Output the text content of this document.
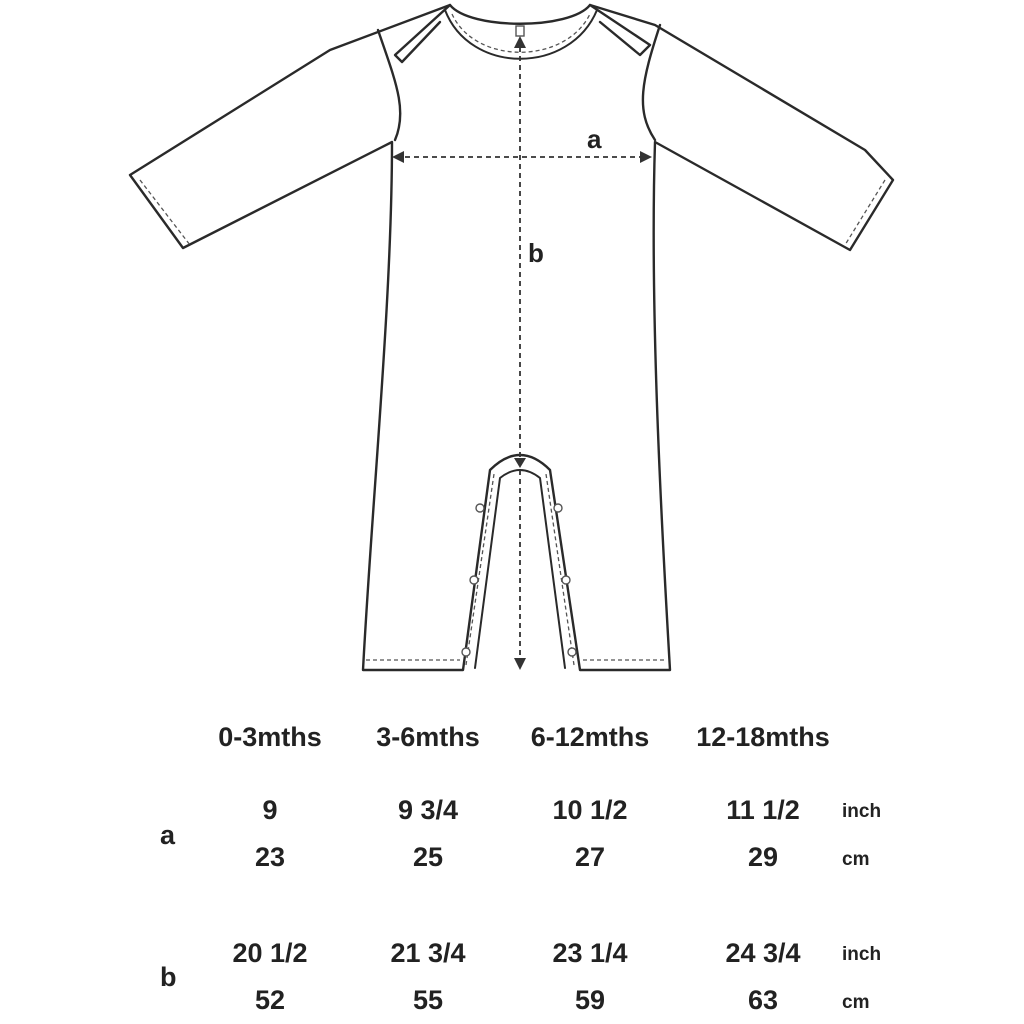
a
b
0-3mths 3-6mths 6-12mths 12-18mths
a
9	9 3/4	10 1/2	11 1/2 inch
23	25	27	29	cm
b
20 1/2	21 3/4	23 1/4	24 3/4 inch
52	55	59	63	cm
